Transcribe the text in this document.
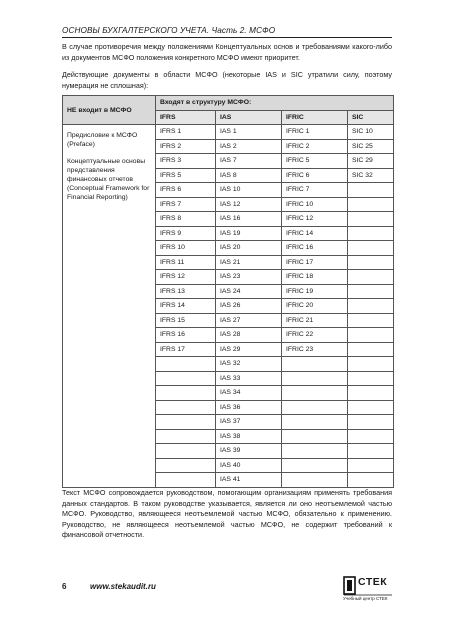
ОСНОВЫ БУХГАЛТЕРСКОГО УЧЕТА. Часть 2. МСФО
В случае противоречия между положениями Концептуальных основ и требованиями какого-либо из документов МСФО положения конкретного МСФО имеют приоритет.
Действующие документы в области МСФО (некоторые IAS и SIC утратили силу, поэтому нумерация не сплошная):
НЕ входит в МСФО	Входят в структуру МСФО:			
	IFRS	IAS	IFRIC	SIC

Предисловие к МСФО (Preface)
Концептуальные основы представления финансовых отчетов (Conceptual Framework for Financial Reporting)	IFRS 1	IAS 1	IFRIC 1	SIC 10
	IFRS 2	IAS 2	IFRIC 2	SIC 25
	IFRS 3	IAS 7	IFRIC 5	SIC 29
	IFRS 5	IAS 8	IFRIC 6	SIC 32
	IFRS 6	IAS 10	IFRIC 7	
	IFRS 7	IAS 12	IFRIC 10	
	IFRS 8	IAS 16	IFRIC 12	
	IFRS 9	IAS 19	IFRIC 14	
	IFRS 10	IAS 20	IFRIC 16	
	IFRS 11	IAS 21	IFRIC 17	
	IFRS 12	IAS 23	IFRIC 18	
	IFRS 13	IAS 24	IFRIC 19	
	IFRS 14	IAS 26	IFRIC 20	
	IFRS 15	IAS 27	IFRIC 21	
	IFRS 16	IAS 28	IFRIC 22	
	IFRS 17	IAS 29	IFRIC 23	
		IAS 32		
		IAS 33		
		IAS 34		
		IAS 36		
		IAS 37		
		IAS 38		
		IAS 39		
		IAS 40		
		IAS 41		
Текст МСФО сопровождается руководством, помогающим организациям применять требования данных стандартов. В таком руководстве указывается, является ли оно неотъемлемой частью МСФО. Руководство, являющееся неотъемлемой частью МСФО, обязательно к применению. Руководство, не являющееся неотъемлемой частью МСФО, не содержит требований к финансовой отчетности.
6	www.stekaudit.ru	СТЕК
Учебный центр СТЕК
